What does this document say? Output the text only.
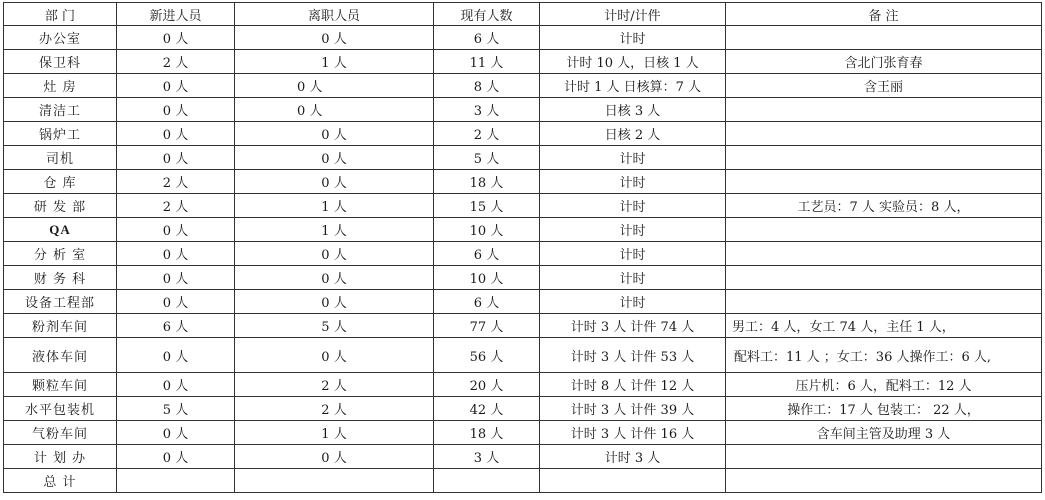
部 门	新进人员	离职人员	现有人数	计时/计件	备 注
办公室	0 人	0 人	6 人	计时	
保卫科	2 人	1 人	11 人	计时 10 人，日核 1 人	含北门张育春
灶 房	0 人	0 人	8 人	计时 1 人 日核算：7 人	含王丽
清洁工	0 人	0 人	3 人	日核 3 人	
锅炉工	0 人	0 人	2 人	日核 2 人	
司机	0 人	0 人	5 人	计时	
仓 库	2 人	0 人	18 人	计时	
研 发 部	2 人	1 人	15 人	计时	工艺员：7 人 实验员：8 人，
QA	0 人	1 人	10 人	计时	
分 析 室	0 人	0 人	6 人	计时	
财 务 科	0 人	0 人	10 人	计时	
设备工程部	0 人	0 人	6 人	计时	
粉剂车间	6 人	5 人	77 人	计时 3 人 计件 74 人	男工：4 人，女工 74 人，主任 1 人，
液体车间	0 人	0 人	56 人	计时 3 人 计件 53 人	配料工：11 人 ；女工：36 人操作工：6 人,
颗粒车间	0 人	2 人	20 人	计时 8 人 计件 12 人	压片机：6 人，配料工：12 人
水平包装机	5 人	2 人	42 人	计时 3 人 计件 39 人	操作工：17 人 包装工： 22 人，
气粉车间	0 人	1 人	18 人	计时 3 人 计件 16 人	含车间主管及助理 3 人
计 划 办	0 人	0 人	3 人	计时 3 人	
总 计					
